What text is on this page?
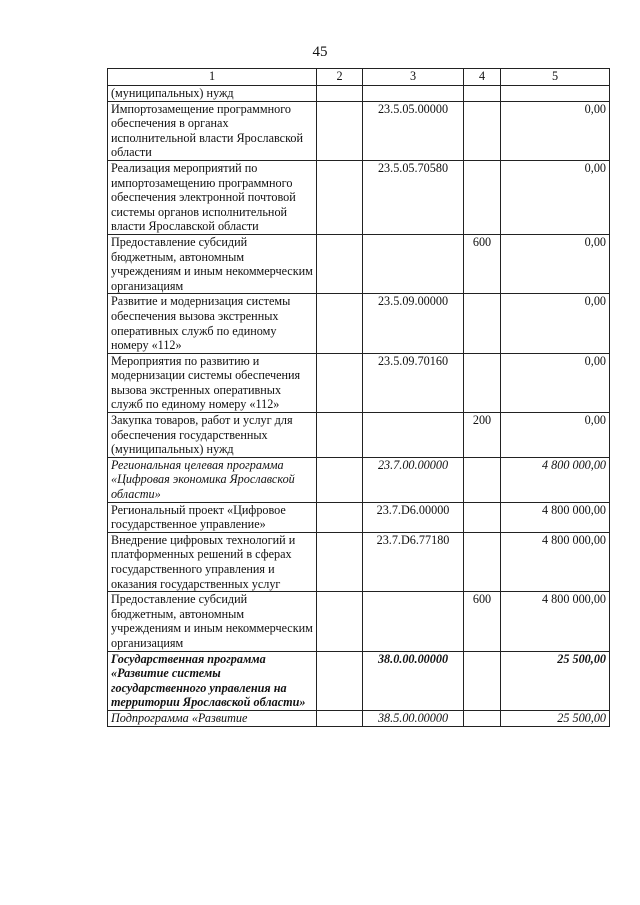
45
1	2	3	4	5
(муниципальных) нужд				
Импортозамещение программного обеспечения в органах исполнительной власти Ярославской области		23.5.05.00000		0,00
Реализация мероприятий по импортозамещению программного обеспечения электронной почтовой системы органов исполнительной власти Ярославской области		23.5.05.70580		0,00
Предоставление субсидий бюджетным, автономным учреждениям и иным некоммерческим организациям			600	0,00
Развитие и модернизация системы обеспечения вызова экстренных оперативных служб по единому номеру «112»		23.5.09.00000		0,00
Мероприятия по развитию и модернизации системы обеспечения вызова экстренных оперативных служб по единому номеру «112»		23.5.09.70160		0,00
Закупка товаров, работ и услуг для обеспечения государственных (муниципальных) нужд			200	0,00
Региональная целевая программа «Цифровая экономика Ярославской области»		23.7.00.00000		4 800 000,00
Региональный проект «Цифровое государственное управление»		23.7.D6.00000		4 800 000,00
Внедрение цифровых технологий и платформенных решений в сферах государственного управления и оказания государственных услуг		23.7.D6.77180		4 800 000,00
Предоставление субсидий бюджетным, автономным учреждениям и иным некоммерческим организациям			600	4 800 000,00
Государственная программа «Развитие системы государственного управления на территории Ярославской области»		38.0.00.00000		25 500,00
Подпрограмма «Развитие		38.5.00.00000		25 500,00
